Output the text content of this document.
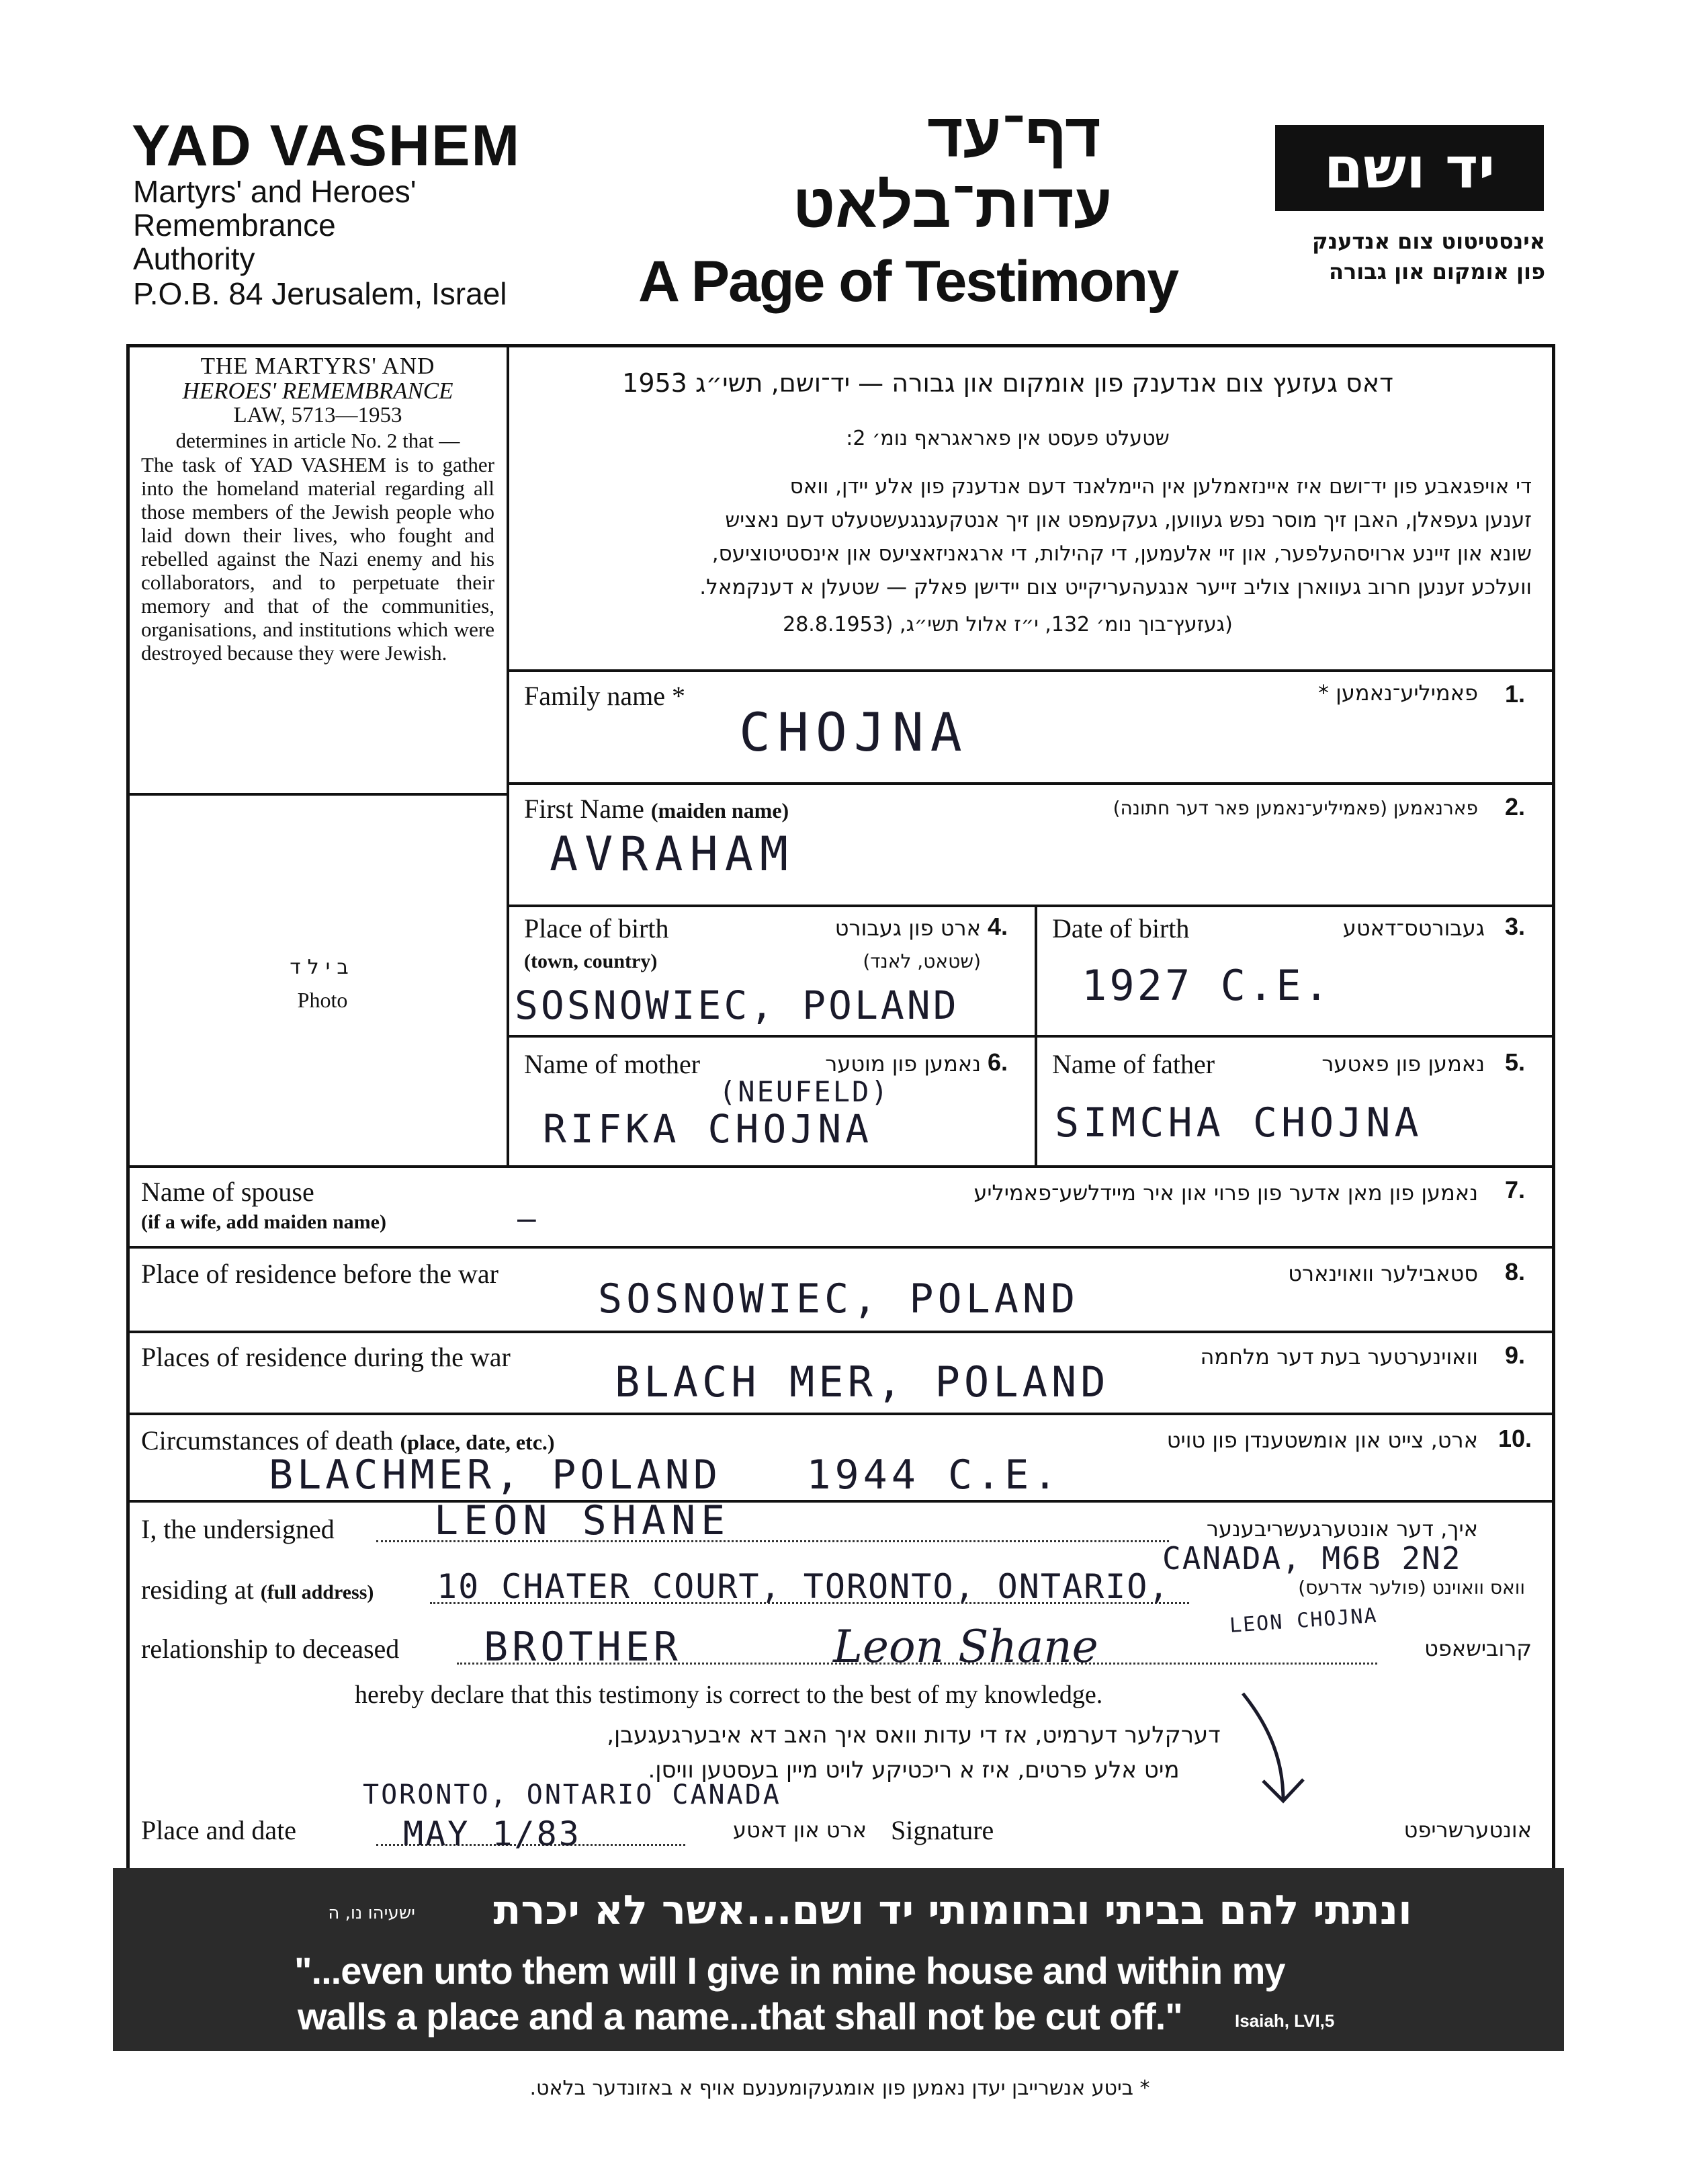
YAD VASHEM
Martyrs' and Heroes'
Remembrance
Authority
P.O.B. 84 Jerusalem, Israel
דף־עד
עדות־בלאט
A Page of Testimony
יד ושם
אינסטיטוט צום אנדענק
פון אומקום און גבורה
THE MARTYRS' AND
HEROES' REMEMBRANCE
LAW, 5713—1953
determines in article No. 2 that —
The task of YAD VASHEM is to gather into the homeland material regarding all those members of the Jewish people who laid down their lives, who fought and rebelled against the Nazi enemy and his collaborators, and to perpetuate their memory and that of the communities, organisations, and institutions which were destroyed because they were Jewish.
בילד
Photo
דאס געזעץ צום אנדענק פון אומקום און גבורה — יד־ושם, תשי״ג 1953
שטעלט פעסט אין פאראגראף נומ׳ 2:
די אויפגאבע פון יד־ושם איז איינזאמלען אין היימלאנד דעם אנדענק פון אלע יידן, וואס
זענען געפאלן, האבן זיך מוסר נפש געווען, געקעמפט און זיך אנטקעגנגעשטעלט דעם נאציש
שונא און זיינע ארויסהעלפער, און זיי אלעמען, די קהילות, די ארגאניזאציעס און אינסטיטוציעס,
וועלכע זענען חרוב געווארן צוליב זייער אנגעהעריקייט צום יידישן פאלק — שטעלן א דענקמאל.
(געזעץ־בוך נומ׳ 132, י״ז אלול תשי״ג, (28.8.1953
Family name *	פאמיליע־נאמען * 1.
CHOJNA
First Name (maiden name)	פארנאמען (פאמיליע־נאמען פאר דער חתונה) 2.
AVRAHAM
Place of birth	ארט פון געבורט 4.
(town, country)	(שטאט, לאנד)
SOSNOWIEC, POLAND
Date of birth	געבורטס־דאטע 3.
1927 C.E.
Name of mother	נאמען פון מוטער 6.
(NEUFELD)
RIFKA CHOJNA
Name of father	נאמען פון פאטער 5.
SIMCHA CHOJNA
Name of spouse
(if a wife, add maiden name)
נאמען פון מאן אדער פון פרוי און איר מיידלשע־פאמיליע 7.
—
Place of residence before the war	סטאבילער וואוינארט 8.
SOSNOWIEC, POLAND
Places of residence during the war	וואוינערטער בעת דער מלחמה 9.
BLACH MER, POLAND
Circumstances of death (place, date, etc.)	ארט, צייט און אומשטענדן פון טויט 10.
BLACHMER, POLAND   1944 C.E.
I, the undersigned LEON SHANE	איך, דער אונטערגעשריבענער
CANADA, M6B 2N2
residing at (full address) 10 CHATER COURT, TORONTO, ONTARIO,	וואס וואוינט (פולער אדרעס)
relationship to deceased BROTHER	Leon Shane
LEON CHOJNA
קרובישאפט
hereby declare that this testimony is correct to the best of my knowledge.
דערקלער דערמיט, אז די עדות וואס איך האב דא איבערגעגעבן,
מיט אלע פרטים, איז א ריכטיקע לויט מיין בעסטען וויסן.
TORONTO, ONTARIO CANADA
Place and date	MAY 1/83	ארט און דאטע Signature	אונטערשריפט
ישעיהו נו, ה	ונתתי להם בביתי ובחומותי יד ושם...אשר לא יכרת
"...even unto them will I give in mine house and within my
walls a place and a name...that shall not be cut off."	Isaiah, LVI,5
* ביטע אנשרייבן יעדן נאמען פון אומגעקומענעם אויף א באזונדער בלאט.
